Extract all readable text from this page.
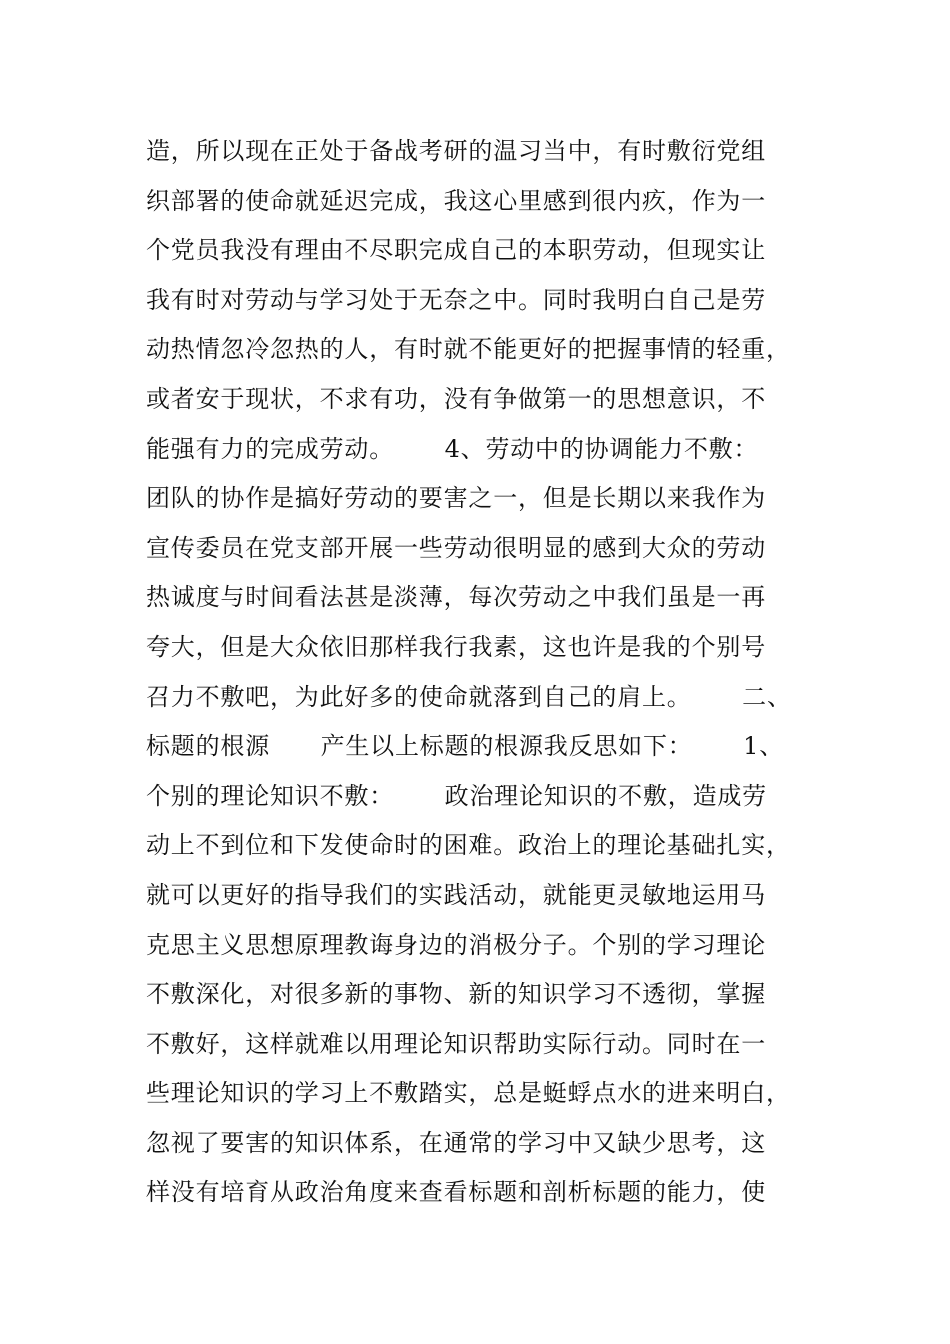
造，所以现在正处于备战考研的温习当中，有时敷衍党组
织部署的使命就延迟完成，我这心里感到很内疚，作为一
个党员我没有理由不尽职完成自己的本职劳动，但现实让
我有时对劳动与学习处于无奈之中。同时我明白自己是劳
动热情忽冷忽热的人，有时就不能更好的把握事情的轻重，
或者安于现状，不求有功，没有争做第一的思想意识，不
能强有力的完成劳动。      4、劳动中的协调能力不敷：
团队的协作是搞好劳动的要害之一，但是长期以来我作为
宣传委员在党支部开展一些劳动很明显的感到大众的劳动
热诚度与时间看法甚是淡薄，每次劳动之中我们虽是一再
夸大，但是大众依旧那样我行我素，这也许是我的个别号
召力不敷吧，为此好多的使命就落到自己的肩上。      二、
标题的根源      产生以上标题的根源我反思如下：      1、
个别的理论知识不敷：      政治理论知识的不敷，造成劳
动上不到位和下发使命时的困难。政治上的理论基础扎实，
就可以更好的指导我们的实践活动，就能更灵敏地运用马
克思主义思想原理教诲身边的消极分子。个别的学习理论
不敷深化，对很多新的事物、新的知识学习不透彻，掌握
不敷好，这样就难以用理论知识帮助实际行动。同时在一
些理论知识的学习上不敷踏实，总是蜓蜉点水的进来明白，
忽视了要害的知识体系，在通常的学习中又缺少思考，这
样没有培育从政治角度来查看标题和剖析标题的能力，使
